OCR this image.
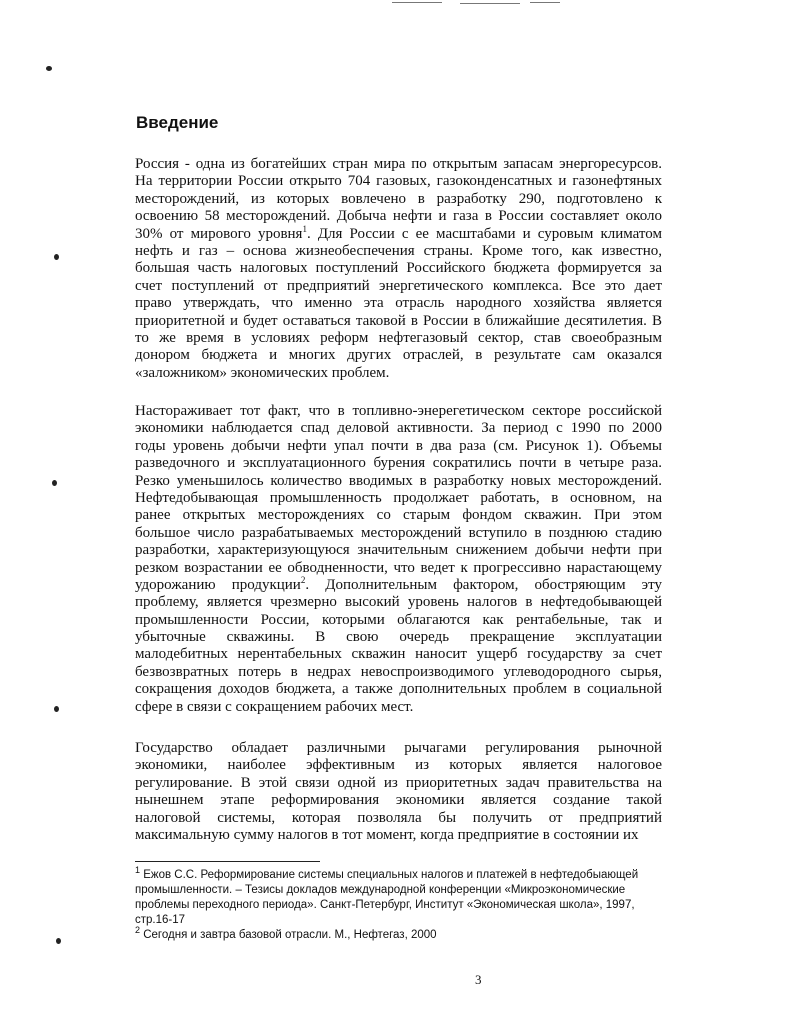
Введение
Россия - одна из богатейших стран мира по открытым запасам энергоресурсов.
На территории России открыто 704 газовых, газоконденсатных и газонефтяных
месторождений, из которых вовлечено в разработку 290, подготовлено к
освоению 58 месторождений. Добыча нефти и газа в России составляет около
30% от мирового уровня$^1$. Для России с ее масштабами и суровым климатом
нефть и газ – основа жизнеобеспечения страны. Кроме того, как известно,
большая часть налоговых поступлений Российского бюджета формируется за
счет поступлений от предприятий энергетического комплекса. Все это дает
право утверждать, что именно эта отрасль народного хозяйства является
приоритетной и будет оставаться таковой в России в ближайшие десятилетия. В
то же время в условиях реформ нефтегазовый сектор, став своеобразным
донором бюджета и многих других отраслей, в результате сам оказался
«заложником» экономических проблем.
Настораживает тот факт, что в топливно-энерегетическом секторе российской
экономики наблюдается спад деловой активности. За период с 1990 по 2000
годы уровень добычи нефти упал почти в два раза (см. Рисунок 1). Объемы
разведочного и эксплуатационного бурения сократились почти в четыре раза.
Резко уменьшилось количество вводимых в разработку новых месторождений.
Нефтедобывающая промышленность продолжает работать, в основном, на
ранее открытых месторождениях со старым фондом скважин. При этом
большое число разрабатываемых месторождений вступило в позднюю стадию
разработки, характеризующуюся значительным снижением добычи нефти при
резком возрастании ее обводненности, что ведет к прогрессивно нарастающему
удорожанию продукции$^2$. Дополнительным фактором, обостряющим эту
проблему, является чрезмерно высокий уровень налогов в нефтедобывающей
промышленности России, которыми облагаются как рентабельные, так и
убыточные скважины. В свою очередь прекращение эксплуатации
малодебитных нерентабельных скважин наносит ущерб государству за счет
безвозвратных потерь в недрах невоспроизводимого углеводородного сырья,
сокращения доходов бюджета, а также дополнительных проблем в социальной
сфере в связи с сокращением рабочих мест.
Государство обладает различными рычагами регулирования рыночной
экономики, наиболее эффективным из которых является налоговое
регулирование. В этой связи одной из приоритетных задач правительства на
нынешнем этапе реформирования экономики является создание такой
налоговой системы, которая позволяла бы получить от предприятий
максимальную сумму налогов в тот момент, когда предприятие в состоянии их
$^1$ Ежов С.С. Реформирование системы специальных налогов и платежей в нефтедобыающей промышленности. – Тезисы докладов международной конференции «Микроэкономические проблемы переходного периода». Санкт-Петербург, Институт «Экономическая школа», 1997, стр.16-17
$^2$ Сегодня и завтра базовой отрасли. М., Нефтегаз, 2000
3
